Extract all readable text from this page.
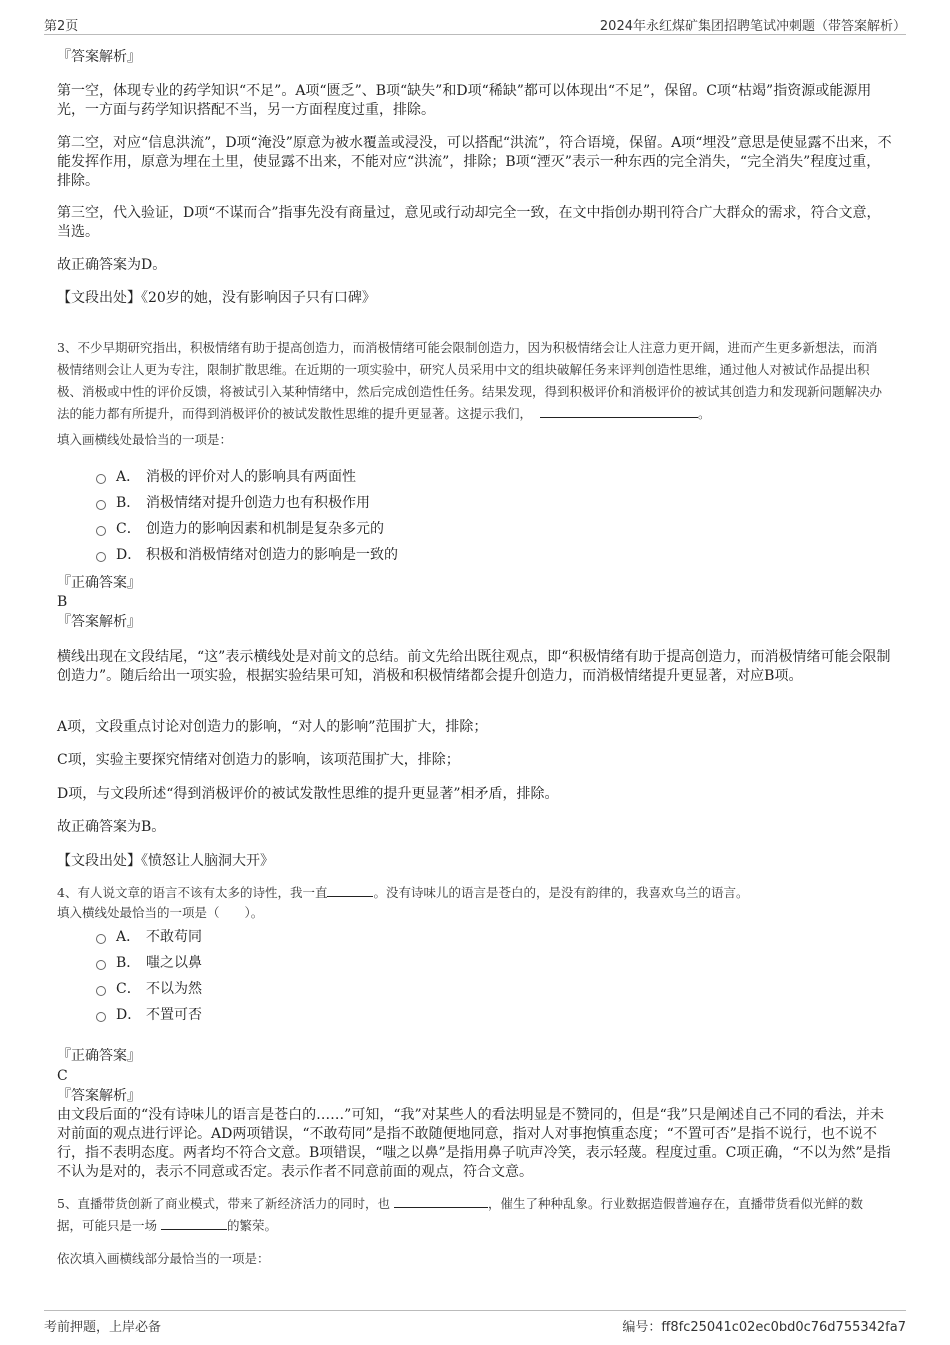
第2页	2024年永红煤矿集团招聘笔试冲刺题（带答案解析）

『答案解析』

第一空，体现专业的药学知识“不足”。A项“匮乏”、B项“缺失”和D项“稀缺”都可以体现出“不足”，保留。C项“枯竭”指资源或能源用光，一方面与药学知识搭配不当，另一方面程度过重，排除。

第二空，对应“信息洪流”，D项“淹没”原意为被水覆盖或浸没，可以搭配“洪流”，符合语境，保留。A项“埋没”意思是使显露不出来，不能发挥作用，原意为埋在土里，使显露不出来，不能对应“洪流”，排除；B项“湮灭”表示一种东西的完全消失，“完全消失”程度过重，排除。

第三空，代入验证，D项“不谋而合”指事先没有商量过，意见或行动却完全一致，在文中指创办期刊符合广大群众的需求，符合文意，当选。

故正确答案为D。

【文段出处】《20岁的她，没有影响因子只有口碑》

3、不少早期研究指出，积极情绪有助于提高创造力，而消极情绪可能会限制创造力，因为积极情绪会让人注意力更开阔，进而产生更多新想法，而消极情绪则会让人更为专注，限制扩散思维。在近期的一项实验中，研究人员采用中文的组块破解任务来评判创造性思维，通过他人对被试作品提出积极、消极或中性的评价反馈，将被试引入某种情绪中，然后完成创造性任务。结果发现，得到积极评价和消极评价的被试其创造力和发现新问题解决办法的能力都有所提升，而得到消极评价的被试发散性思维的提升更显著。这提示我们，	。

填入画横线处最恰当的一项是：

A． 消极的评价对人的影响具有两面性
B． 消极情绪对提升创造力也有积极作用
C． 创造力的影响因素和机制是复杂多元的
D． 积极和消极情绪对创造力的影响是一致的

『正确答案』

B

『答案解析』

横线出现在文段结尾，“这”表示横线处是对前文的总结。前文先给出既往观点，即“积极情绪有助于提高创造力，而消极情绪可能会限制创造力”。随后给出一项实验，根据实验结果可知，消极和积极情绪都会提升创造力，而消极情绪提升更显著，对应B项。

A项，文段重点讨论对创造力的影响，“对人的影响”范围扩大，排除；

C项，实验主要探究情绪对创造力的影响，该项范围扩大，排除；

D项，与文段所述“得到消极评价的被试发散性思维的提升更显著”相矛盾，排除。

故正确答案为B。

【文段出处】《愤怒让人脑洞大开》

4、有人说文章的语言不该有太多的诗性，我一直	。没有诗味儿的语言是苍白的，是没有韵律的，我喜欢乌兰的语言。

填入横线处最恰当的一项是（　　）。

A． 不敢苟同
B． 嗤之以鼻
C． 不以为然
D． 不置可否

『正确答案』

C

『答案解析』

由文段后面的“没有诗味儿的语言是苍白的……”可知，“我”对某些人的看法明显是不赞同的，但是“我”只是阐述自己不同的看法，并未对前面的观点进行评论。AD两项错误，“不敢苟同”是指不敢随便地同意，指对人对事抱慎重态度；“不置可否”是指不说行，也不说不行，指不表明态度。两者均不符合文意。B项错误，“嗤之以鼻”是指用鼻子吭声冷笑，表示轻蔑。程度过重。C项正确，“不以为然”是指不认为是对的，表示不同意或否定。表示作者不同意前面的观点，符合文意。

5、直播带货创新了商业模式，带来了新经济活力的同时，也	，催生了种种乱象。行业数据造假普遍存在，直播带货看似光鲜的数据，可能只是一场	的繁荣。

依次填入画横线部分最恰当的一项是：

考前押题，上岸必备	编号：ff8fc25041c02ec0bd0c76d755342fa7
